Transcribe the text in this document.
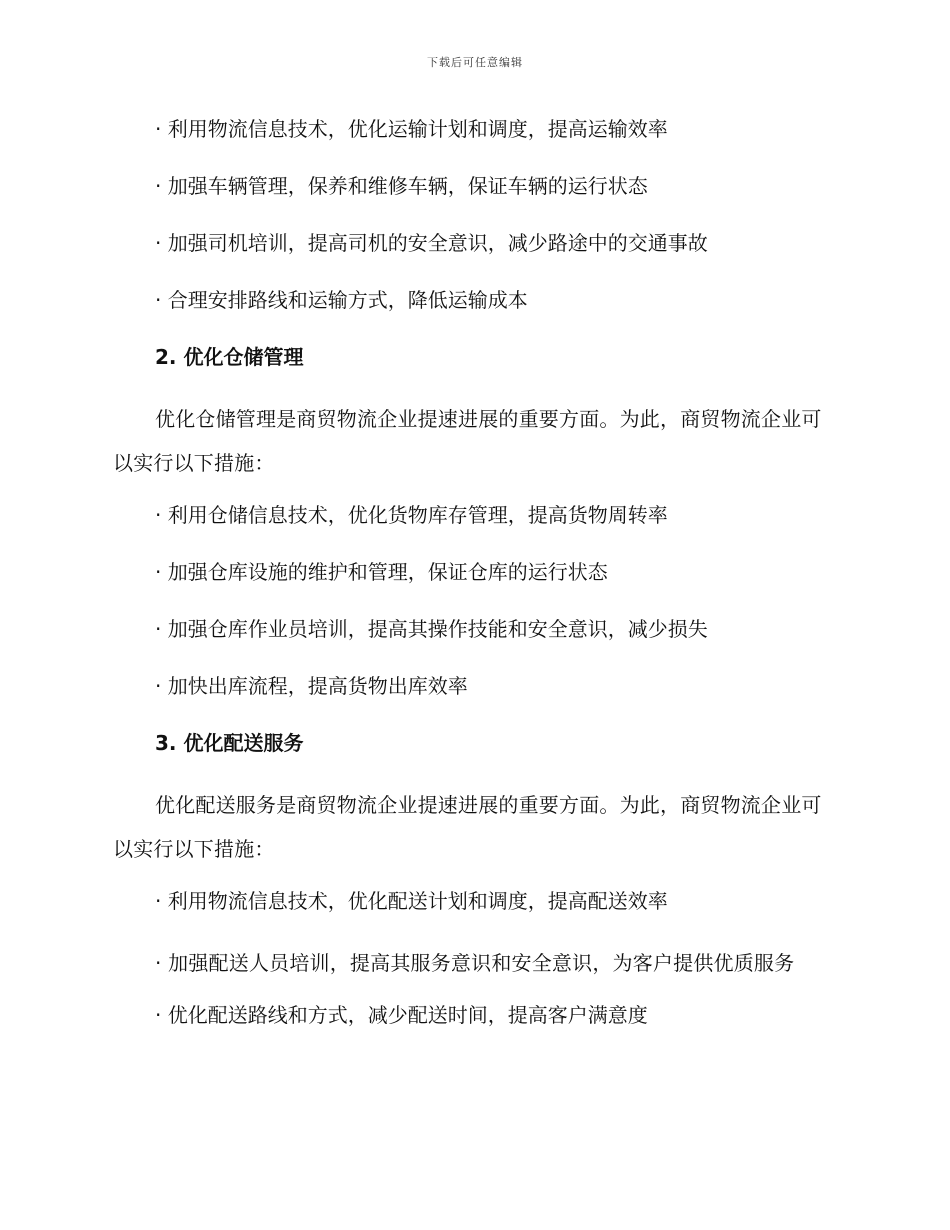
下载后可任意编辑
· 利用物流信息技术，优化运输计划和调度，提高运输效率
· 加强车辆管理，保养和维修车辆，保证车辆的运行状态
· 加强司机培训，提高司机的安全意识，减少路途中的交通事故
· 合理安排路线和运输方式，降低运输成本
2. 优化仓储管理
优化仓储管理是商贸物流企业提速进展的重要方面。为此，商贸物流企业可以实行以下措施：
· 利用仓储信息技术，优化货物库存管理，提高货物周转率
· 加强仓库设施的维护和管理，保证仓库的运行状态
· 加强仓库作业员培训，提高其操作技能和安全意识，减少损失
· 加快出库流程，提高货物出库效率
3. 优化配送服务
优化配送服务是商贸物流企业提速进展的重要方面。为此，商贸物流企业可以实行以下措施：
· 利用物流信息技术，优化配送计划和调度，提高配送效率
· 加强配送人员培训，提高其服务意识和安全意识，为客户提供优质服务
· 优化配送路线和方式，减少配送时间，提高客户满意度
